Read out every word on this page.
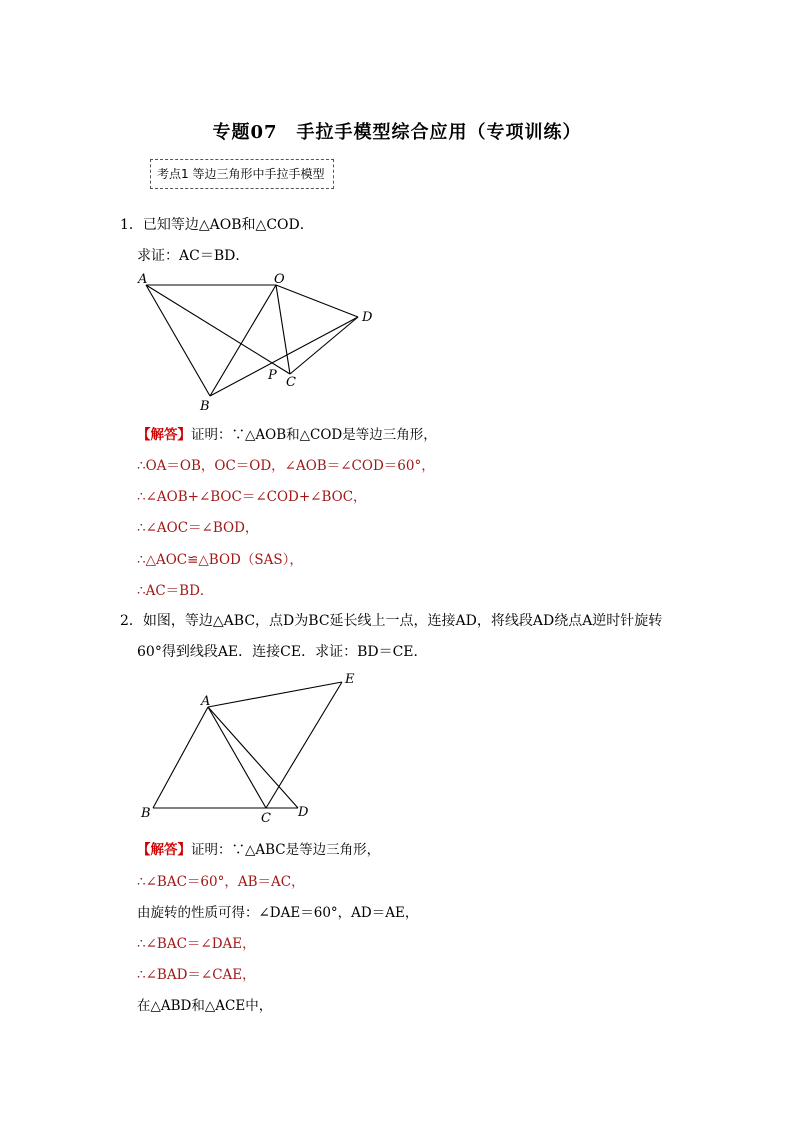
专题07　手拉手模型综合应用（专项训练）
考点1 等边三角形中手拉手模型
1．已知等边△AOB和△COD．
求证：AC＝BD．
A	O
D
P C
B
【解答】证明：∵△AOB和△COD是等边三角形，
∴OA＝OB，OC＝OD，∠AOB＝∠COD＝60°，
∴∠AOB+∠BOC＝∠COD+∠BOC，
∴∠AOC＝∠BOD，
∴△AOC≌△BOD（SAS），
∴AC＝BD．
2．如图，等边△ABC，点D为BC延长线上一点，连接AD，将线段AD绕点A逆时针旋转
60°得到线段AE．连接CE．求证：BD＝CE．
A
E
B	C D
【解答】证明：∵△ABC是等边三角形，
∴∠BAC＝60°，AB＝AC，
由旋转的性质可得：∠DAE＝60°，AD＝AE，
∴∠BAC＝∠DAE，
∴∠BAD＝∠CAE，
在△ABD和△ACE中，
